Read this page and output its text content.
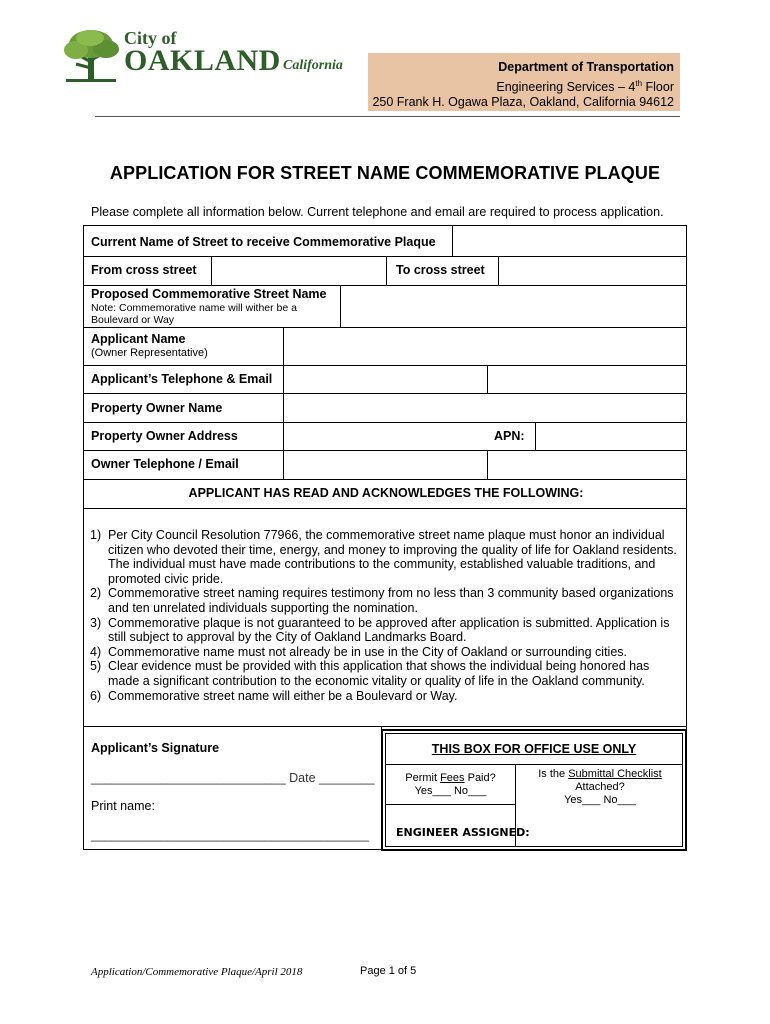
City of
OAKLAND California	Department of Transportation
Engineering Services – 4th Floor
250 Frank H. Ogawa Plaza, Oakland, California 94612
APPLICATION FOR STREET NAME COMMEMORATIVE PLAQUE
Please complete all information below. Current telephone and email are required to process application.
Current Name of Street to receive Commemorative Plaque
From cross street	To cross street
Proposed Commemorative Street Name
Note: Commemorative name will wither be a Boulevard or Way
Applicant Name
(Owner Representative)
Applicant’s Telephone & Email
Property Owner Name
Property Owner Address	APN:
Owner Telephone / Email
APPLICANT HAS READ AND ACKNOWLEDGES THE FOLLOWING:
1) Per City Council Resolution 77966, the commemorative street name plaque must honor an individual citizen who devoted their time, energy, and money to improving the quality of life for Oakland residents. The individual must have made contributions to the community, established valuable traditions, and promoted civic pride.
2) Commemorative street naming requires testimony from no less than 3 community based organizations and ten unrelated individuals supporting the nomination.
3) Commemorative plaque is not guaranteed to be approved after application is submitted. Application is still subject to approval by the City of Oakland Landmarks Board.
4) Commemorative name must not already be in use in the City of Oakland or surrounding cities.
5) Clear evidence must be provided with this application that shows the individual being honored has made a significant contribution to the economic vitality or quality of life in the Oakland community.
6) Commemorative street name will either be a Boulevard or Way.
Applicant’s Signature
____________________________ Date ________
Print name:
________________________________________
THIS BOX FOR OFFICE USE ONLY
Permit Fees Paid?
Yes___ No___
Is the Submittal Checklist
Attached?
Yes___ No___
ENGINEER ASSIGNED:
Application/Commemorative Plaque/April 2018	Page 1 of 5
